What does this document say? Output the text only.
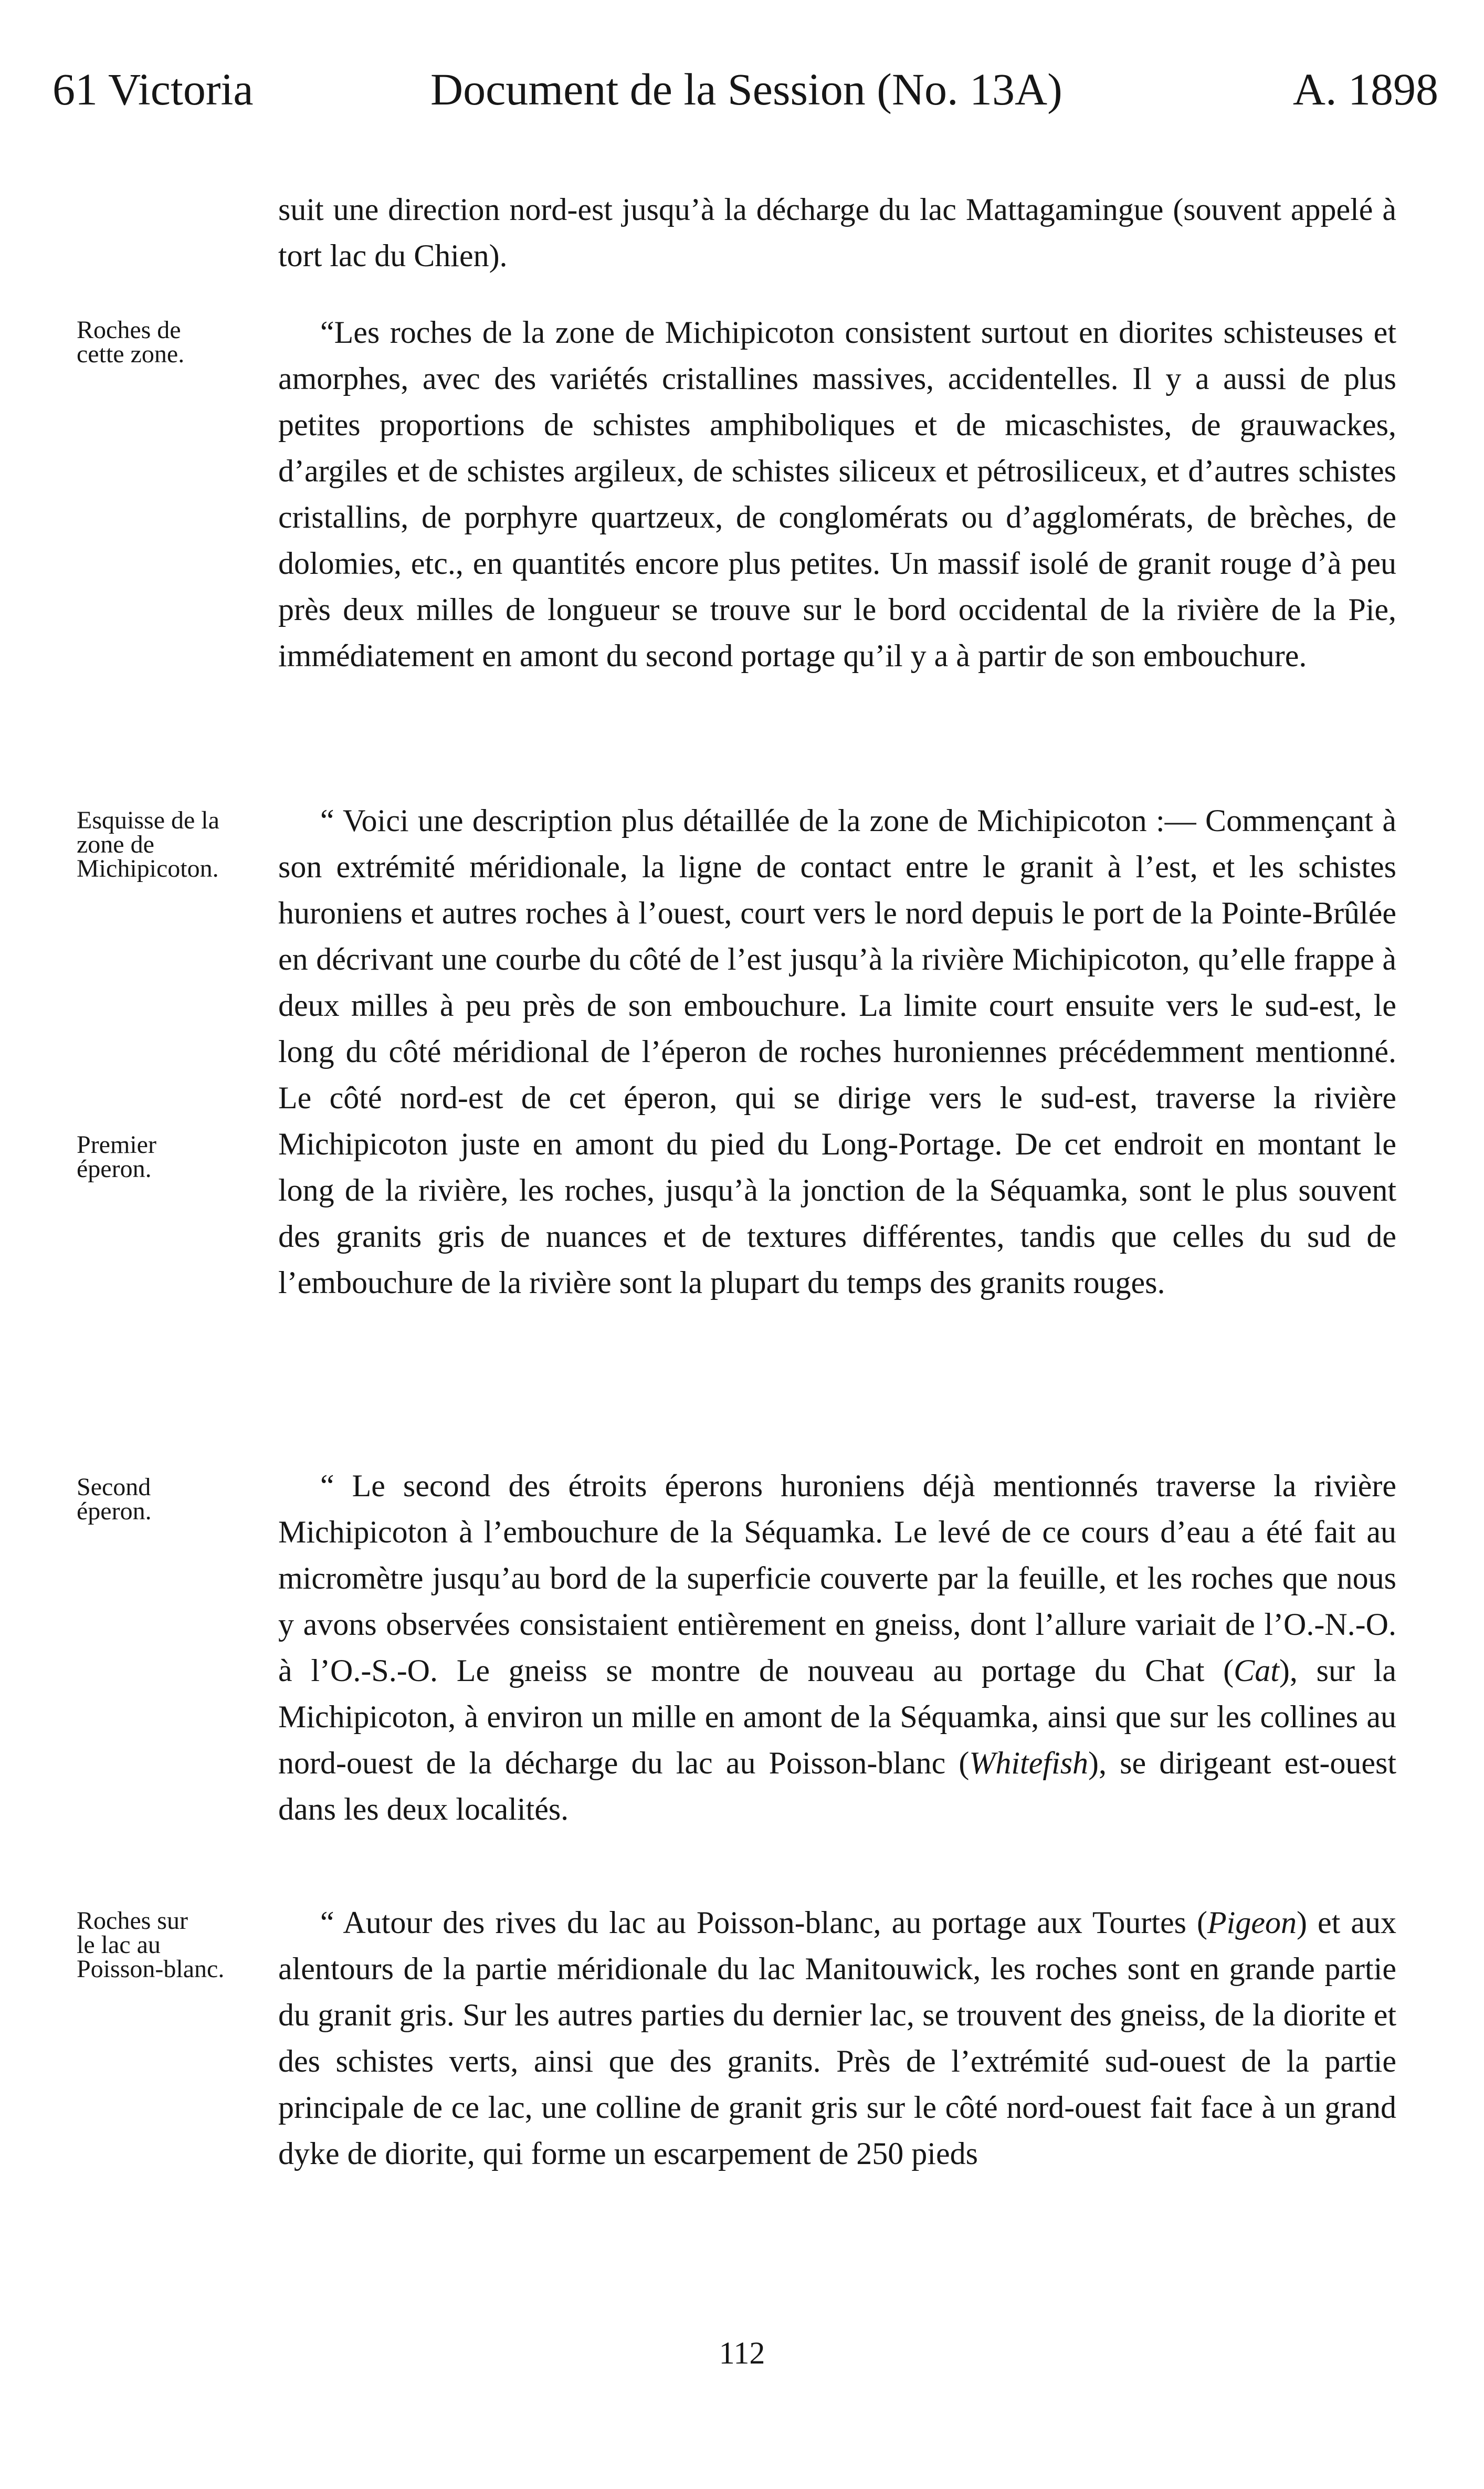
61 Victoria	Document de la Session (No. 13A)	A. 1898

suit une direction nord-est jusqu’à la décharge du lac Mattagamingue (souvent appelé à tort lac du Chien).

“Les roches de la zone de Michipicoton consistent surtout en diorites schisteuses et amorphes, avec des variétés cristallines massives, accidentelles. Il y a aussi de plus petites proportions de schistes amphiboliques et de micaschistes, de grauwackes, d’argiles et de schistes argileux, de schistes siliceux et pétrosiliceux, et d’autres schistes cristallins, de porphyre quartzeux, de conglomérats ou d’agglomérats, de brèches, de dolomies, etc., en quantités encore plus petites. Un massif isolé de granit rouge d’à peu près deux milles de longueur se trouve sur le bord occidental de la rivière de la Pie, immédiatement en amont du second portage qu’il y a à partir de son embouchure.

“ Voici une description plus détaillée de la zone de Michipicoton :— Commençant à son extrémité méridionale, la ligne de contact entre le granit à l’est, et les schistes huroniens et autres roches à l’ouest, court vers le nord depuis le port de la Pointe-Brûlée en décrivant une courbe du côté de l’est jusqu’à la rivière Michipicoton, qu’elle frappe à deux milles à peu près de son embouchure. La limite court ensuite vers le sud-est, le long du côté méridional de l’éperon de roches huroniennes précédemment mentionné. Le côté nord-est de cet éperon, qui se dirige vers le sud-est, traverse la rivière Michipicoton juste en amont du pied du Long-Portage. De cet endroit en montant le long de la rivière, les roches, jusqu’à la jonction de la Séquamka, sont le plus souvent des granits gris de nuances et de textures différentes, tandis que celles du sud de l’embouchure de la rivière sont la plupart du temps des granits rouges.

“ Le second des étroits éperons huroniens déjà mentionnés traverse la rivière Michipicoton à l’embouchure de la Séquamka. Le levé de ce cours d’eau a été fait au micromètre jusqu’au bord de la superficie couverte par la feuille, et les roches que nous y avons observées consistaient entièrement en gneiss, dont l’allure variait de l’O.-N.-O. à l’O.-S.-O. Le gneiss se montre de nouveau au portage du Chat (Cat), sur la Michipicoton, à environ un mille en amont de la Séquamka, ainsi que sur les collines au nord-ouest de la décharge du lac au Poisson-blanc (Whitefish), se dirigeant est-ouest dans les deux localités.

“ Autour des rives du lac au Poisson-blanc, au portage aux Tourtes (Pigeon) et aux alentours de la partie méridionale du lac Manitouwick, les roches sont en grande partie du granit gris. Sur les autres parties du dernier lac, se trouvent des gneiss, de la diorite et des schistes verts, ainsi que des granits. Près de l’extrémité sud-ouest de la partie principale de ce lac, une colline de granit gris sur le côté nord-ouest fait face à un grand dyke de diorite, qui forme un escarpement de 250 pieds

Roches de
cette zone.
Esquisse de la
zone de
Michipicoton.
Premier
éperon.
Second
éperon.
Roches sur
le lac au
Poisson-blanc.
112
